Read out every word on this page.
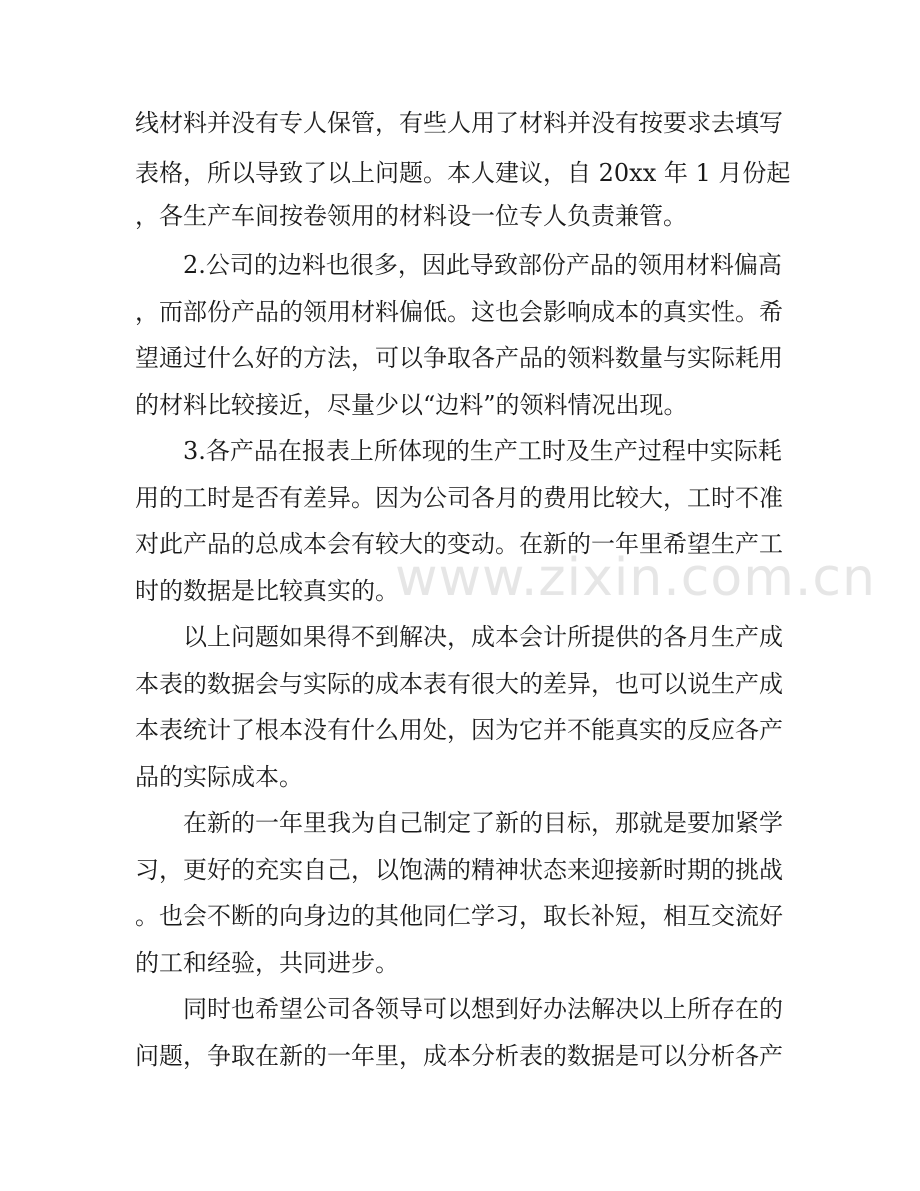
www.zixin.com.cn
线材料并没有专人保管，有些人用了材料并没有按要求去填写
表格，所以导致了以上问题。本人建议，自 20xx 年 1 月份起
，各生产车间按卷领用的材料设一位专人负责兼管。
　　2.公司的边料也很多，因此导致部份产品的领用材料偏高
，而部份产品的领用材料偏低。这也会影响成本的真实性。希
望通过什么好的方法，可以争取各产品的领料数量与实际耗用
的材料比较接近，尽量少以“边料”的领料情况出现。
　　3.各产品在报表上所体现的生产工时及生产过程中实际耗
用的工时是否有差异。因为公司各月的费用比较大，工时不准
对此产品的总成本会有较大的变动。在新的一年里希望生产工
时的数据是比较真实的。
　　以上问题如果得不到解决，成本会计所提供的各月生产成
本表的数据会与实际的成本表有很大的差异，也可以说生产成
本表统计了根本没有什么用处，因为它并不能真实的反应各产
品的实际成本。
　　在新的一年里我为自己制定了新的目标，那就是要加紧学
习，更好的充实自己，以饱满的精神状态来迎接新时期的挑战
。也会不断的向身边的其他同仁学习，取长补短，相互交流好
的工和经验，共同进步。
　　同时也希望公司各领导可以想到好办法解决以上所存在的
问题，争取在新的一年里，成本分析表的数据是可以分析各产
